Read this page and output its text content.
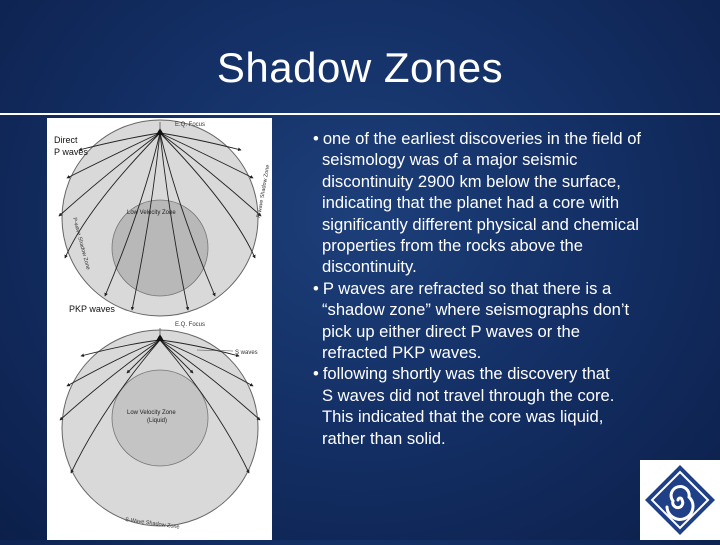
Shadow Zones
E.Q. Focus
Direct
P waves
Low Velocity Zone
P-wave Shadow Zone
P-wave Shadow Zone
PKP waves
E.Q. Focus
S waves
Low Velocity Zone
(Liquid)
S-Wave Shadow Zone
• one of the earliest discoveries in the field of
seismology was of a major seismic
discontinuity 2900 km below the surface,
indicating that the planet had a core with
significantly different physical and chemical
properties from the rocks above the
discontinuity.
• P waves are refracted so that there is a
“shadow zone” where seismographs don’t
pick up either direct P waves or the
refracted PKP waves.
• following shortly was the discovery that
S waves did not travel through the core.
This indicated that the core was liquid,
rather than solid.
